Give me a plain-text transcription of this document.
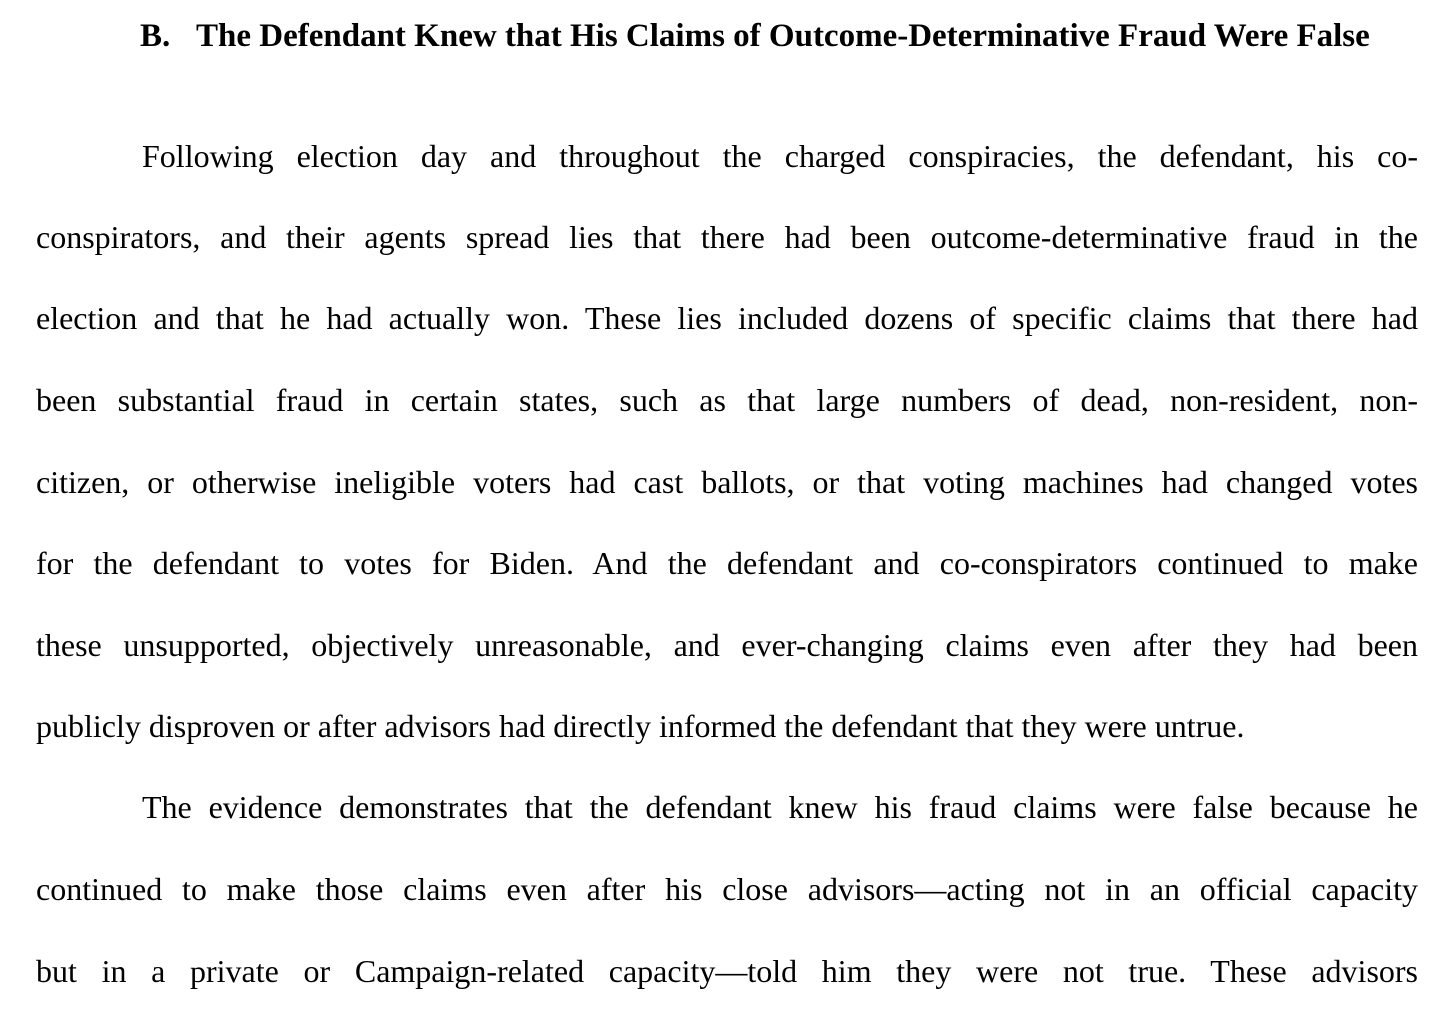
B. The Defendant Knew that His Claims of Outcome-Determinative Fraud Were False
Following election day and throughout the charged conspiracies, the defendant, his co-
conspirators, and their agents spread lies that there had been outcome-determinative fraud in the
election and that he had actually won. These lies included dozens of specific claims that there had
been substantial fraud in certain states, such as that large numbers of dead, non-resident, non-
citizen, or otherwise ineligible voters had cast ballots, or that voting machines had changed votes
for the defendant to votes for Biden. And the defendant and co-conspirators continued to make
these unsupported, objectively unreasonable, and ever-changing claims even after they had been
publicly disproven or after advisors had directly informed the defendant that they were untrue.
The evidence demonstrates that the defendant knew his fraud claims were false because he
continued to make those claims even after his close advisors—acting not in an official capacity
but in a private or Campaign-related capacity—told him they were not true. These advisors
